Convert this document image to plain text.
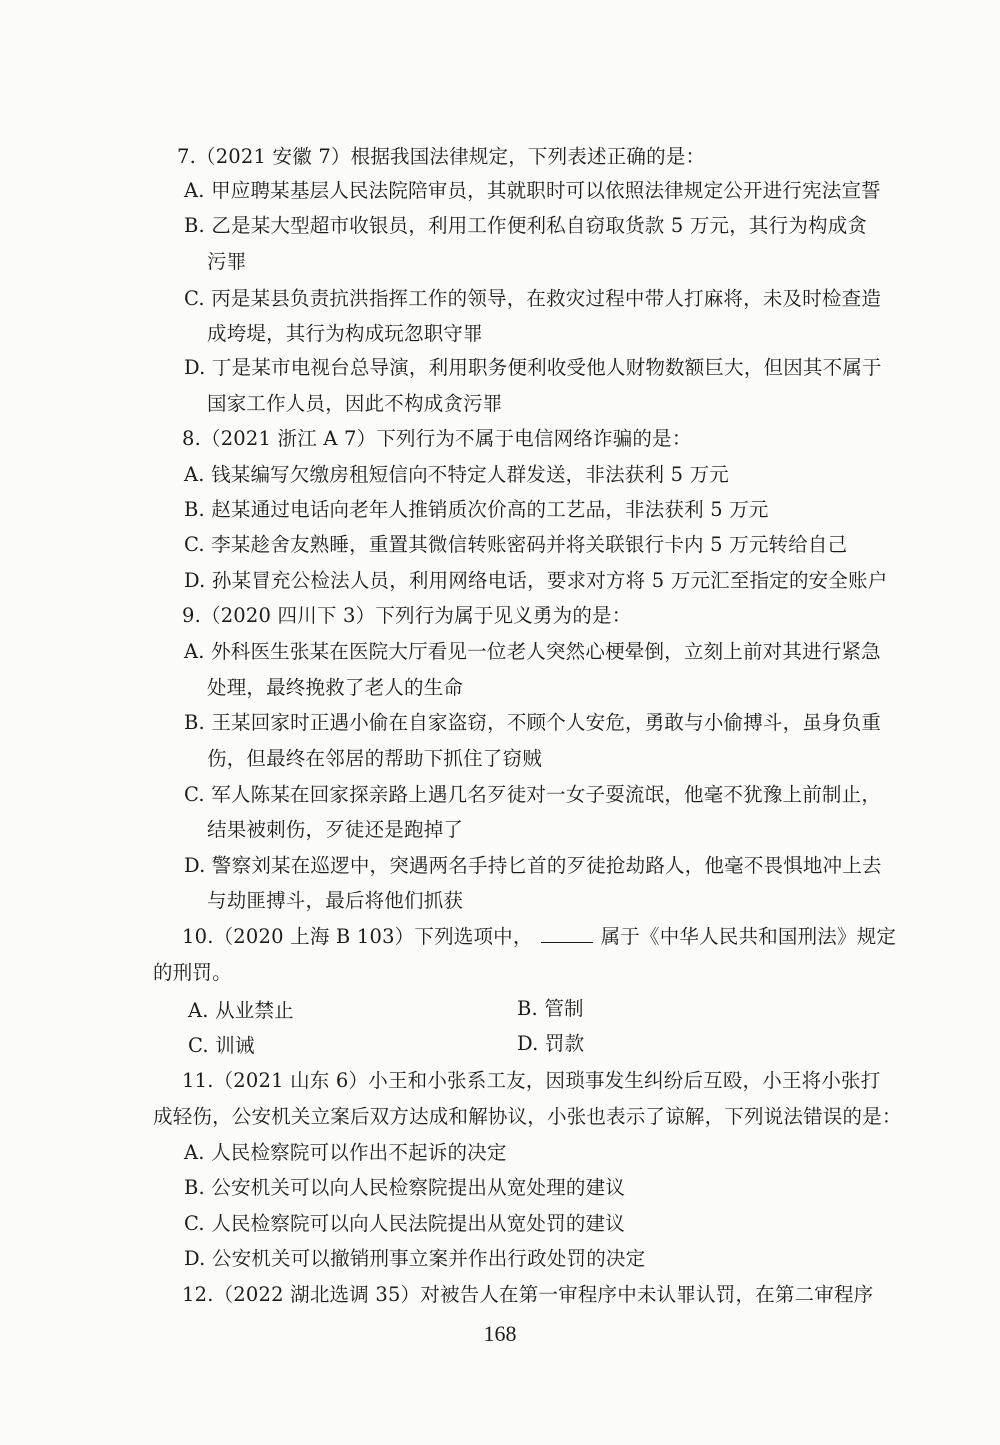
7.（2021 安徽 7）根据我国法律规定，下列表述正确的是：
A. 甲应聘某基层人民法院陪审员，其就职时可以依照法律规定公开进行宪法宣誓
B. 乙是某大型超市收银员，利用工作便利私自窃取货款 5 万元，其行为构成贪
污罪
C. 丙是某县负责抗洪指挥工作的领导，在救灾过程中带人打麻将，未及时检查造
成垮堤，其行为构成玩忽职守罪
D. 丁是某市电视台总导演，利用职务便利收受他人财物数额巨大，但因其不属于
国家工作人员，因此不构成贪污罪
8.（2021 浙江 A 7）下列行为不属于电信网络诈骗的是：
A. 钱某编写欠缴房租短信向不特定人群发送，非法获利 5 万元
B. 赵某通过电话向老年人推销质次价高的工艺品，非法获利 5 万元
C. 李某趁舍友熟睡，重置其微信转账密码并将关联银行卡内 5 万元转给自己
D. 孙某冒充公检法人员，利用网络电话，要求对方将 5 万元汇至指定的安全账户
9.（2020 四川下 3）下列行为属于见义勇为的是：
A. 外科医生张某在医院大厅看见一位老人突然心梗晕倒，立刻上前对其进行紧急
处理，最终挽救了老人的生命
B. 王某回家时正遇小偷在自家盗窃，不顾个人安危，勇敢与小偷搏斗，虽身负重
伤，但最终在邻居的帮助下抓住了窃贼
C. 军人陈某在回家探亲路上遇几名歹徒对一女子耍流氓，他毫不犹豫上前制止，
结果被刺伤，歹徒还是跑掉了
D. 警察刘某在巡逻中，突遇两名手持匕首的歹徒抢劫路人，他毫不畏惧地冲上去
与劫匪搏斗，最后将他们抓获
10.（2020 上海 B 103）下列选项中，	属于《中华人民共和国刑法》规定
的刑罚。
A. 从业禁止	B. 管制
C. 训诫	D. 罚款
11.（2021 山东 6）小王和小张系工友，因琐事发生纠纷后互殴，小王将小张打
成轻伤，公安机关立案后双方达成和解协议，小张也表示了谅解，下列说法错误的是：
A. 人民检察院可以作出不起诉的决定
B. 公安机关可以向人民检察院提出从宽处理的建议
C. 人民检察院可以向人民法院提出从宽处罚的建议
D. 公安机关可以撤销刑事立案并作出行政处罚的决定
12.（2022 湖北选调 35）对被告人在第一审程序中未认罪认罚，在第二审程序
168
